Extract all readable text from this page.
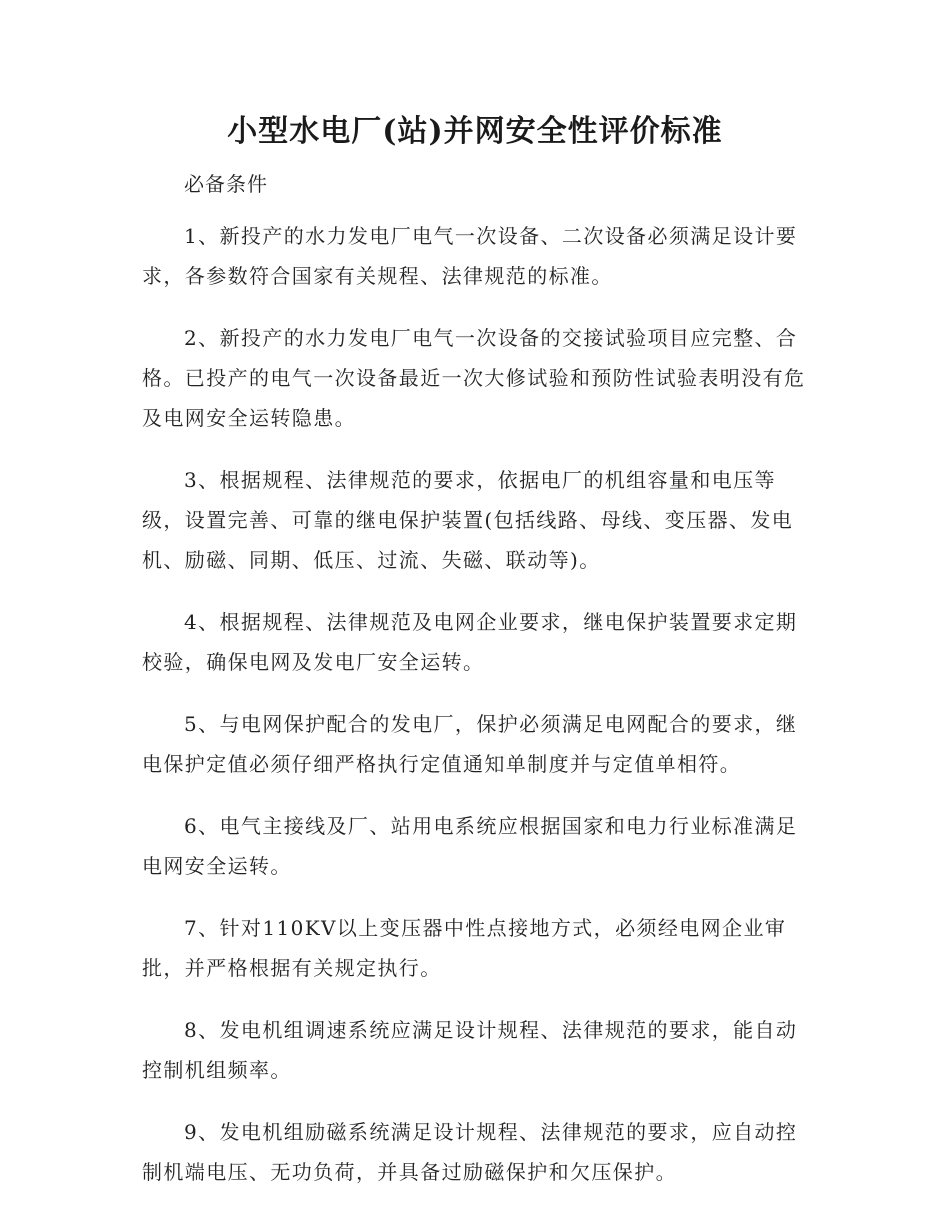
小型水电厂(站)并网安全性评价标准
必备条件

1、新投产的水力发电厂电气一次设备、二次设备必须满足设计要求，各参数符合国家有关规程、法律规范的标准。

2、新投产的水力发电厂电气一次设备的交接试验项目应完整、合格。已投产的电气一次设备最近一次大修试验和预防性试验表明没有危及电网安全运转隐患。

3、根据规程、法律规范的要求，依据电厂的机组容量和电压等级，设置完善、可靠的继电保护装置(包括线路、母线、变压器、发电机、励磁、同期、低压、过流、失磁、联动等)。

4、根据规程、法律规范及电网企业要求，继电保护装置要求定期校验，确保电网及发电厂安全运转。

5、与电网保护配合的发电厂，保护必须满足电网配合的要求，继电保护定值必须仔细严格执行定值通知单制度并与定值单相符。

6、电气主接线及厂、站用电系统应根据国家和电力行业标准满足电网安全运转。

7、针对110KV以上变压器中性点接地方式，必须经电网企业审批，并严格根据有关规定执行。

8、发电机组调速系统应满足设计规程、法律规范的要求，能自动控制机组频率。

9、发电机组励磁系统满足设计规程、法律规范的要求，应自动控制机端电压、无功负荷，并具备过励磁保护和欠压保护。
